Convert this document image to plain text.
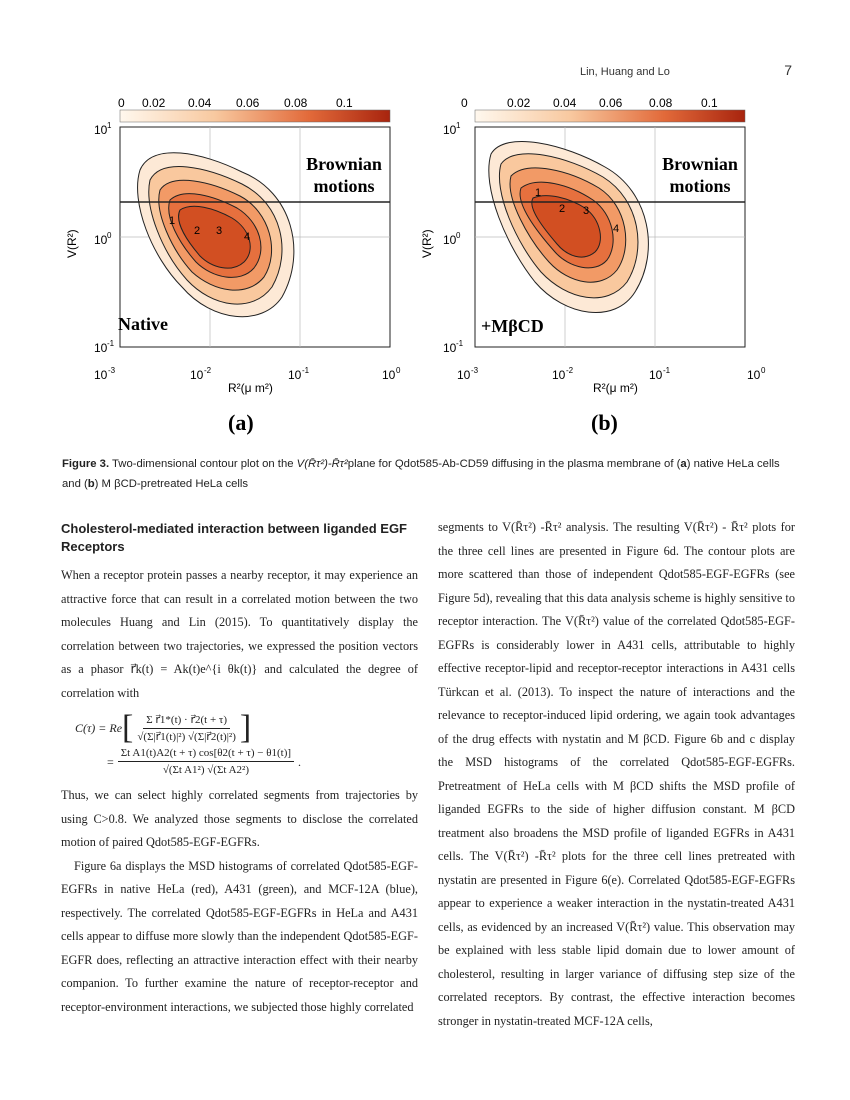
Lin, Huang and Lo	7
0 0.02 0.04 0.06 0.08 0.1
1
2 3 4
Brownian
motions
Native
10 1
10 0
10 -1
V(R²)
10 -3	10 -2	10 -1	10 0
R²(μ m²)
(a)
0	0.02 0.04 0.06 0.08 0.1
1
2 3
4
Brownian
motions
+MβCD
10 1
10 0
10 -1
V(R²)
10 -3	10 -2	10 -1	10 0
R²(μ m²)
(b)
Figure 3. Two-dimensional contour plot on the V(R̄τ²)-R̄τ²plane for Qdot585-Ab-CD59 diffusing in the plasma membrane of (a) native HeLa cells and (b) M βCD-pretreated HeLa cells
Cholesterol-mediated interaction between liganded EGF Receptors

When a receptor protein passes a nearby receptor, it may experience an attractive force that can result in a correlated motion between the two molecules Huang and Lin (2015). To quantitatively display the correlation between two trajectories, we expressed the position vectors as a phasor r⃗k(t) = Ak(t)e^{i θk(t)} and calculated the degree of correlation with

C(τ) = Re [ $\frac{\text{Σ r⃗1*(t) · r⃗2(t + τ)}}{\text{√(Σ|r⃗1(t)|²) √(Σ|r⃗2(t)|²)}}$ ]
= $\frac{\text{Σt A1(t)A2(t + τ) cos[θ2(t + τ) − θ1(t)]}}{\text{√(Σt A1²) √(Σt A2²)}}$ .

Thus, we can select highly correlated segments from trajectories by using C>0.8. We analyzed those segments to disclose the correlated motion of paired Qdot585-EGF-EGFRs.

Figure 6a displays the MSD histograms of correlated Qdot585-EGF-EGFRs in native HeLa (red), A431 (green), and MCF-12A (blue), respectively. The correlated Qdot585-EGF-EGFRs in HeLa and A431 cells appear to diffuse more slowly than the independent Qdot585-EGF-EGFR does, reflecting an attractive interaction effect with their nearby companion. To further examine the nature of receptor-receptor and receptor-environment interactions, we subjected those highly correlated

segments to V(R̄τ²) -R̄τ² analysis. The resulting V(R̄τ²) - R̄τ² plots for the three cell lines are presented in Figure 6d. The contour plots are more scattered than those of independent Qdot585-EGF-EGFRs (see Figure 5d), revealing that this data analysis scheme is highly sensitive to receptor interaction. The V(R̄τ²) value of the correlated Qdot585-EGF-EGFRs is considerably lower in A431 cells, attributable to highly effective receptor-lipid and receptor-receptor interactions in A431 cells Türkcan et al. (2013). To inspect the nature of interactions and the relevance to receptor-induced lipid ordering, we again took advantages of the drug effects with nystatin and M βCD. Figure 6b and c display the MSD histograms of the correlated Qdot585-EGF-EGFRs. Pretreatment of HeLa cells with M βCD shifts the MSD profile of liganded EGFRs to the side of higher diffusion constant. M βCD treatment also broadens the MSD profile of liganded EGFRs in A431 cells. The V(R̄τ²) -R̄τ² plots for the three cell lines pretreated with nystatin are presented in Figure 6(e). Correlated Qdot585-EGF-EGFRs appear to experience a weaker interaction in the nystatin-treated A431 cells, as evidenced by an increased V(R̄τ²) value. This observation may be explained with less stable lipid domain due to lower amount of cholesterol, resulting in larger variance of diffusing step size of the correlated receptors. By contrast, the effective interaction becomes stronger in nystatin-treated MCF-12A cells,
